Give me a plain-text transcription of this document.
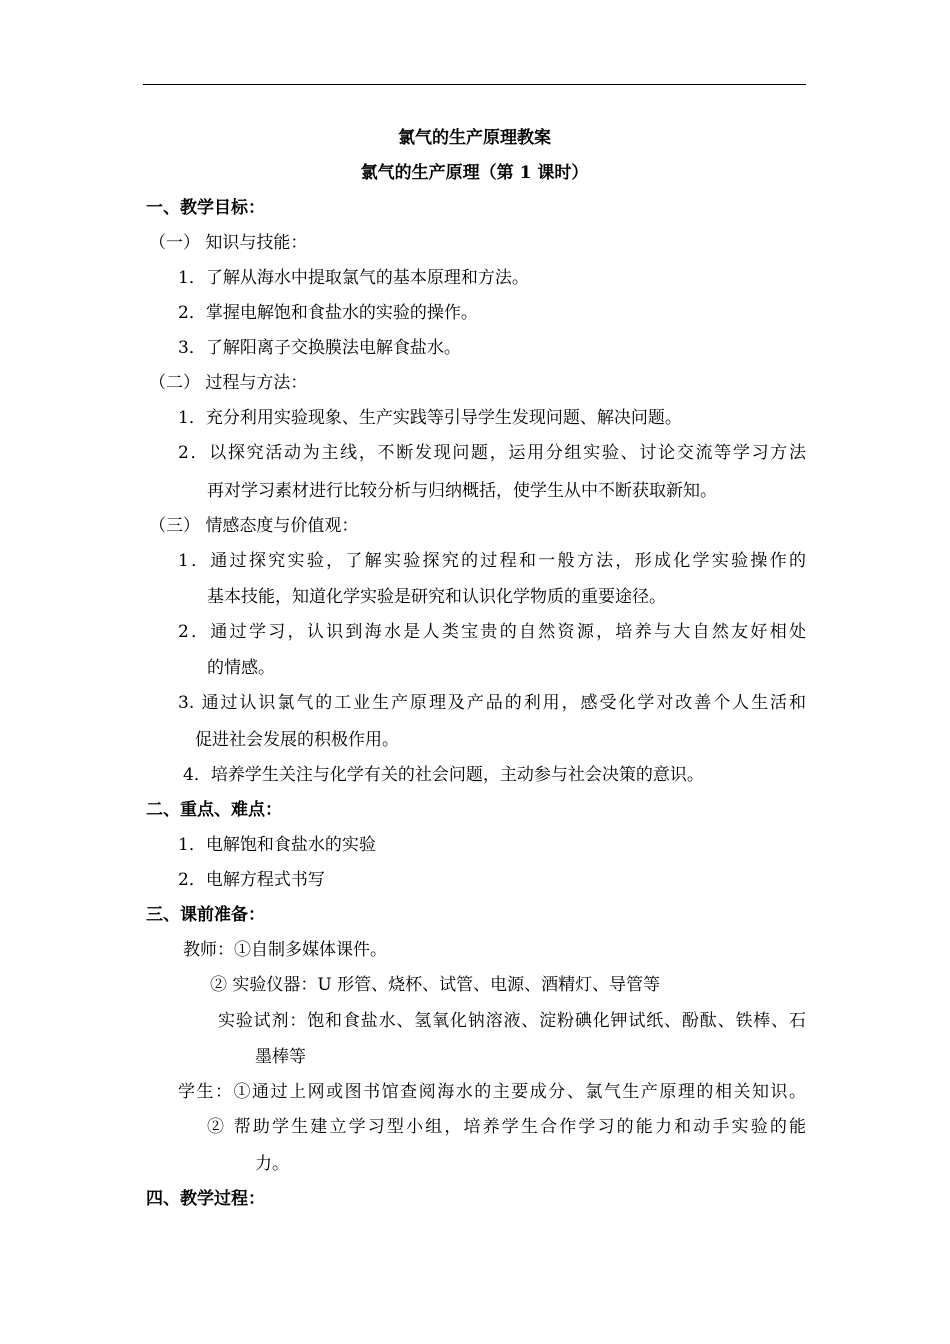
氯气的生产原理教案
氯气的生产原理（第 1 课时）
一、教学目标：
（一） 知识与技能：
1．了解从海水中提取氯气的基本原理和方法。
2．掌握电解饱和食盐水的实验的操作。
3．了解阳离子交换膜法电解食盐水。
（二） 过程与方法：
1．充分利用实验现象、生产实践等引导学生发现问题、解决问题。
2．以探究活动为主线，不断发现问题，运用分组实验、讨论交流等学习方法
再对学习素材进行比较分析与归纳概括，使学生从中不断获取新知。
（三） 情感态度与价值观：
1．通过探究实验，了解实验探究的过程和一般方法，形成化学实验操作的
基本技能，知道化学实验是研究和认识化学物质的重要途径。
2．通过学习，认识到海水是人类宝贵的自然资源，培养与大自然友好相处
的情感。
3. 通过认识氯气的工业生产原理及产品的利用，感受化学对改善个人生活和
促进社会发展的积极作用。
4．培养学生关注与化学有关的社会问题，主动参与社会决策的意识。
二、重点、难点：
1．电解饱和食盐水的实验
2．电解方程式书写
三、课前准备：
教师：①自制多媒体课件。
② 实验仪器：U 形管、烧杯、试管、电源、酒精灯、导管等
实验试剂：饱和食盐水、氢氧化钠溶液、淀粉碘化钾试纸、酚酞、铁棒、石
墨棒等
学生：①通过上网或图书馆查阅海水的主要成分、氯气生产原理的相关知识。
② 帮助学生建立学习型小组，培养学生合作学习的能力和动手实验的能
力。
四、教学过程：
